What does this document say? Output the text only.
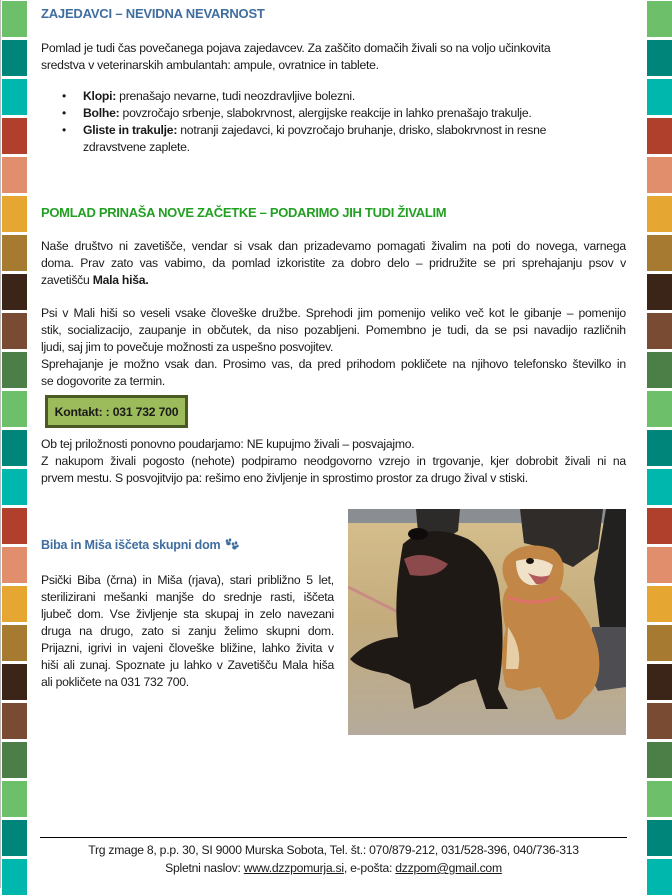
ZAJEDAVCI – NEVIDNA NEVARNOST
Pomlad je tudi čas povečanega pojava zajedavcev. Za zaščito domačih živali so na voljo učinkovita
sredstva v veterinarskih ambulantah: ampule, ovratnice in tablete.
• Klopi: prenašajo nevarne, tudi neozdravljive bolezni.
• Bolhe: povzročajo srbenje, slabokrvnost, alergijske reakcije in lahko prenašajo trakulje.
• Gliste in trakulje: notranji zajedavci, ki povzročajo bruhanje, drisko, slabokrvnost in resne
zdravstvene zaplete.
POMLAD PRINAŠA NOVE ZAČETKE – PODARIMO JIH TUDI ŽIVALIM
Naše društvo ni zavetišče, vendar si vsak dan prizadevamo pomagati živalim na poti do novega, varnega
doma. Prav zato vas vabimo, da pomlad izkoristite za dobro delo – pridružite se pri sprehajanju psov v
zavetišču Mala hiša.
Psi v Mali hiši so veseli vsake človeške družbe. Sprehodi jim pomenijo veliko več kot le gibanje – pomenijo
stik, socializacijo, zaupanje in občutek, da niso pozabljeni. Pomembno je tudi, da se psi navadijo različnih
ljudi, saj jim to povečuje možnosti za uspešno posvojitev.
Sprehajanje je možno vsak dan. Prosimo vas, da pred prihodom pokličete na njihovo telefonsko številko in
se dogovorite za termin.
Kontakt: : 031 732 700
Ob tej priložnosti ponovno poudarjamo: NE kupujmo živali – posvajajmo.
Z nakupom živali pogosto (nehote) podpiramo neodgovorno vzrejo in trgovanje, kjer dobrobit živali ni na
prvem mestu. S posvojitvijo pa: rešimo eno življenje in sprostimo prostor za drugo žival v stiski.
Biba in Miša iščeta skupni dom
Psički Biba (črna) in Miša (rjava), stari približno 5 let,
sterilizirani mešanki manjše do srednje rasti, iščeta
ljubeč dom. Vse življenje sta skupaj in zelo navezani
druga na drugo, zato si zanju želimo skupni dom.
Prijazni, igrivi in vajeni človeške bližine, lahko živita v
hiši ali zunaj. Spoznate ju lahko v Zavetišču Mala hiša
ali pokličete na 031 732 700.
Trg zmage 8, p.p. 30, SI 9000 Murska Sobota, Tel. št.: 070/879-212, 031/528-396, 040/736-313
Spletni naslov: www.dzzpomurja.si, e-pošta: dzzpom@gmail.com
